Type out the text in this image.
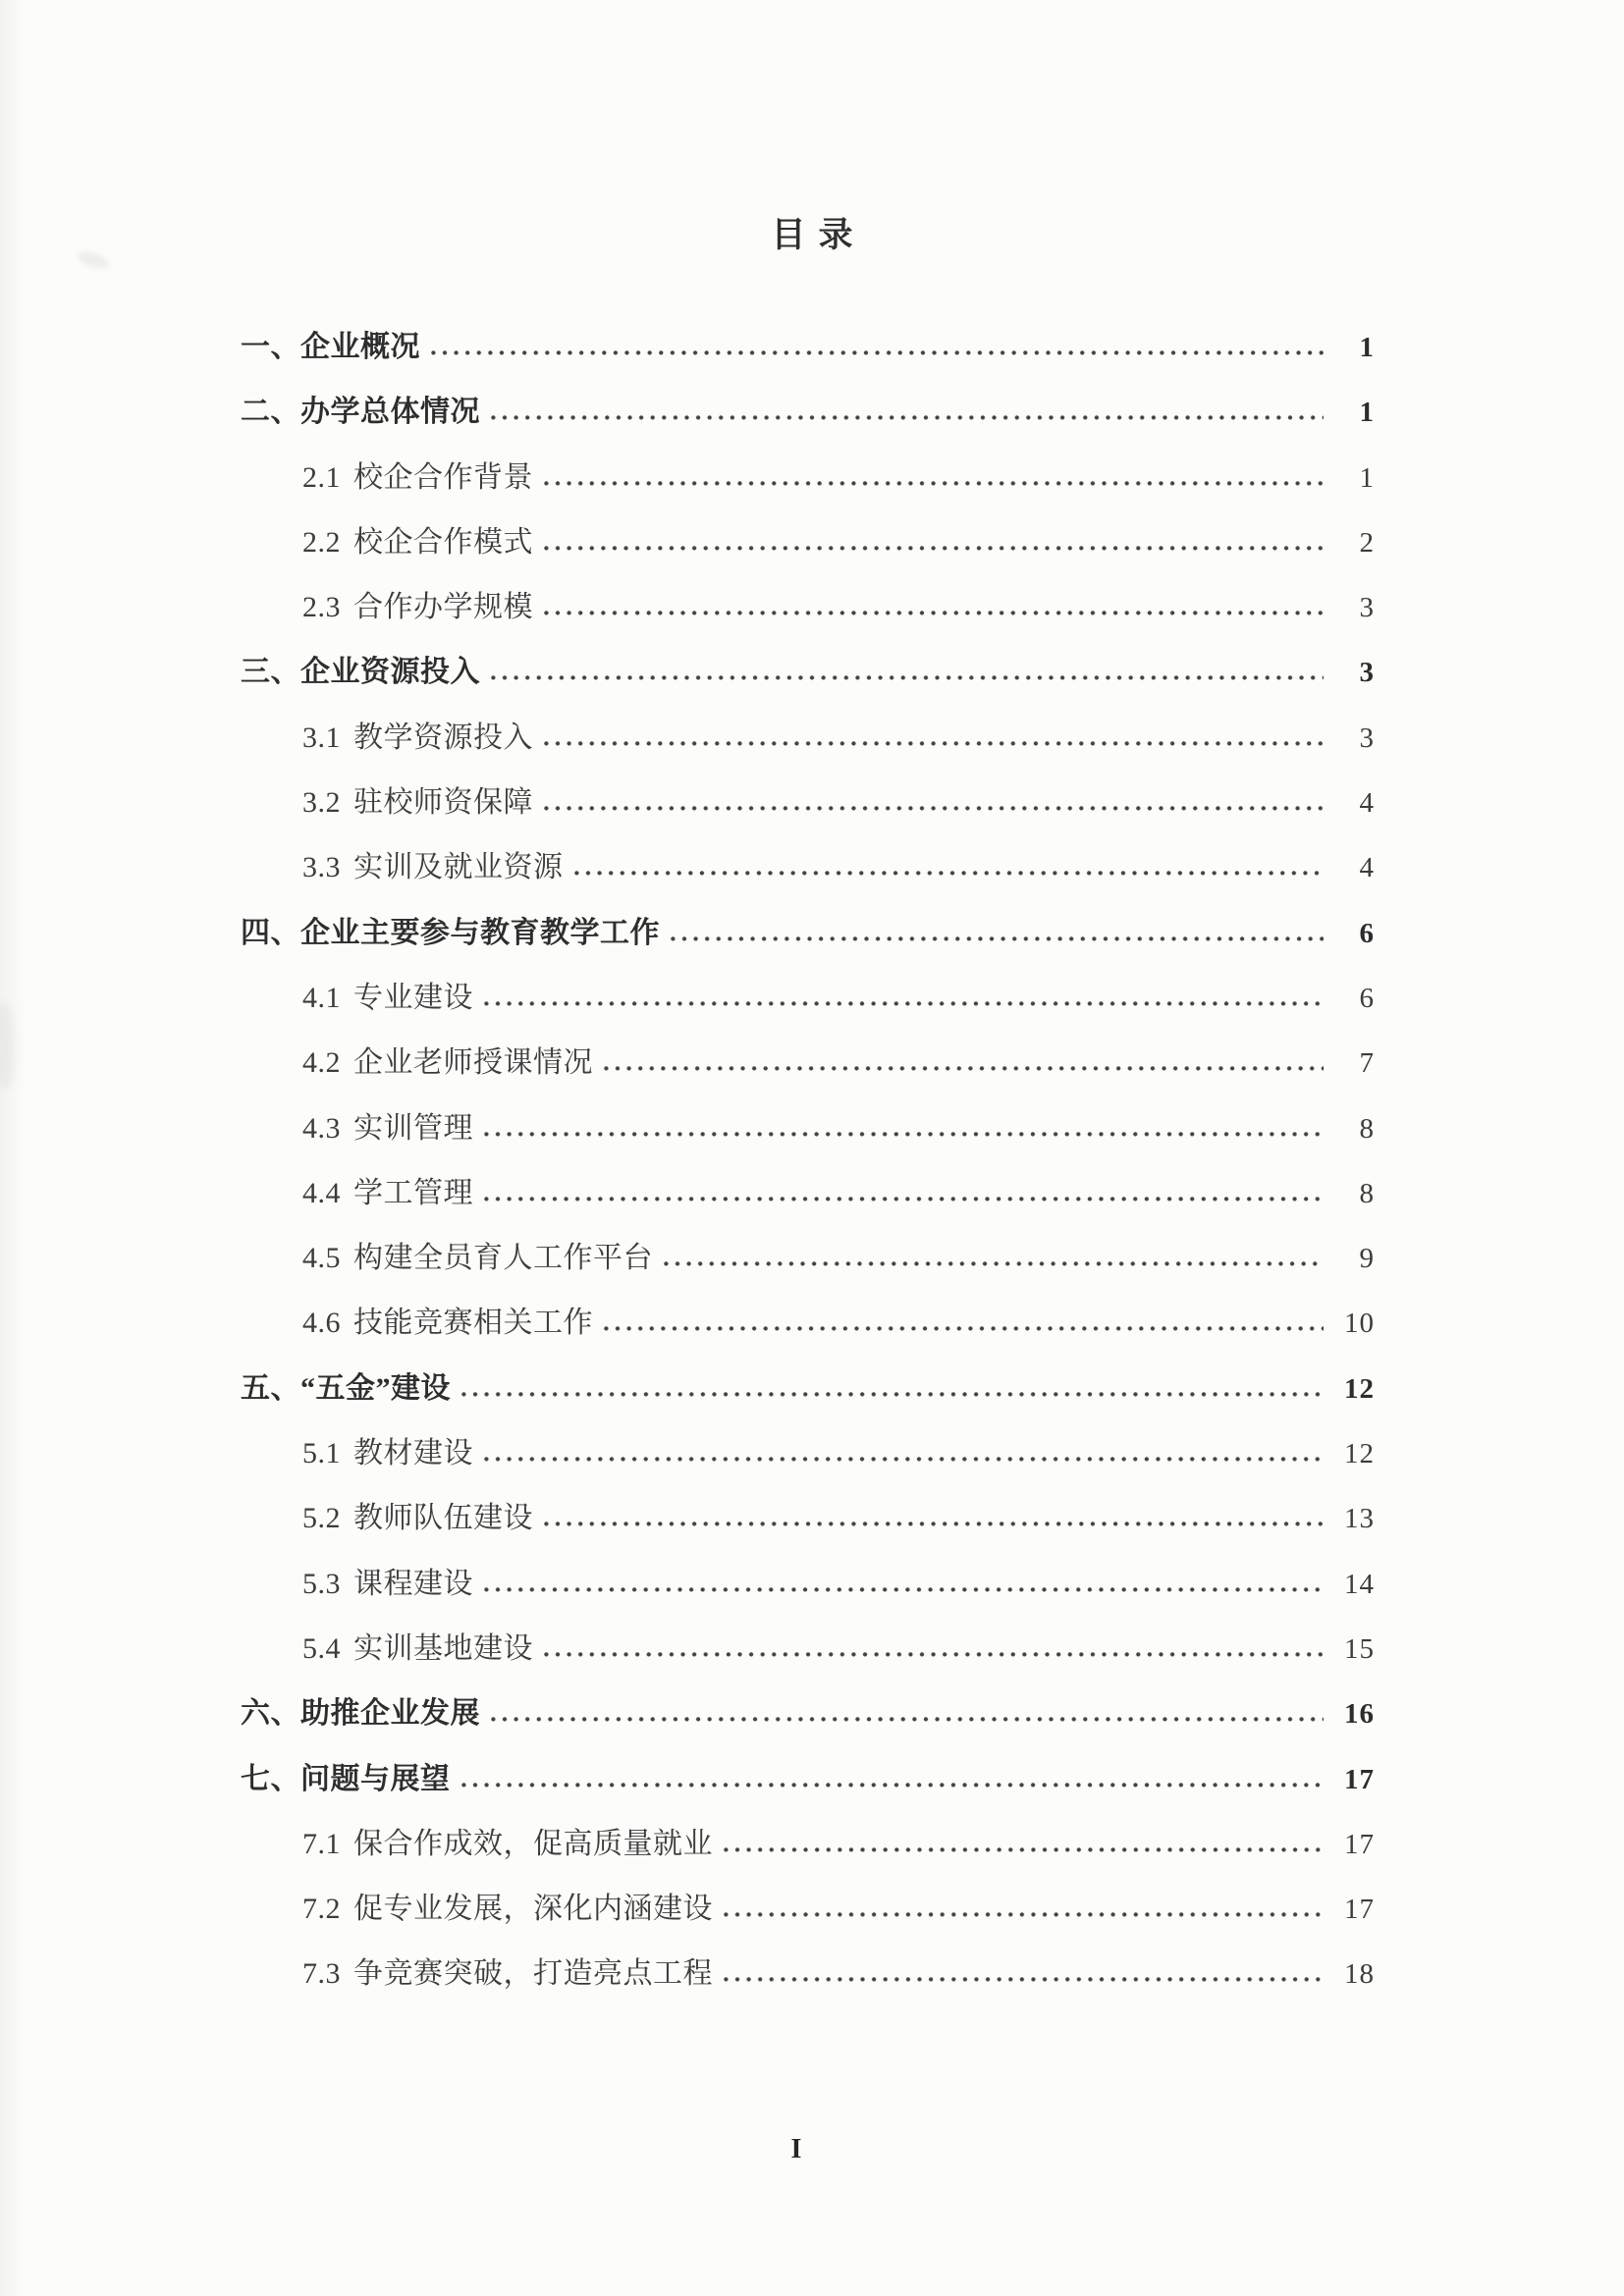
目录
一、企业概况	1
二、办学总体情况	1
2.1 校企合作背景	1
2.2 校企合作模式	2
2.3 合作办学规模	3
三、企业资源投入	3
3.1 教学资源投入	3
3.2 驻校师资保障	4
3.3 实训及就业资源	4
四、企业主要参与教育教学工作	6
4.1 专业建设	6
4.2 企业老师授课情况	7
4.3 实训管理	8
4.4 学工管理	8
4.5 构建全员育人工作平台	9
4.6 技能竞赛相关工作	10
五、“五金”建设	12
5.1 教材建设	12
5.2 教师队伍建设	13
5.3 课程建设	14
5.4 实训基地建设	15
六、助推企业发展	16
七、问题与展望	17
7.1 保合作成效，促高质量就业	17
7.2 促专业发展，深化内涵建设	17
7.3 争竞赛突破，打造亮点工程	18
I
